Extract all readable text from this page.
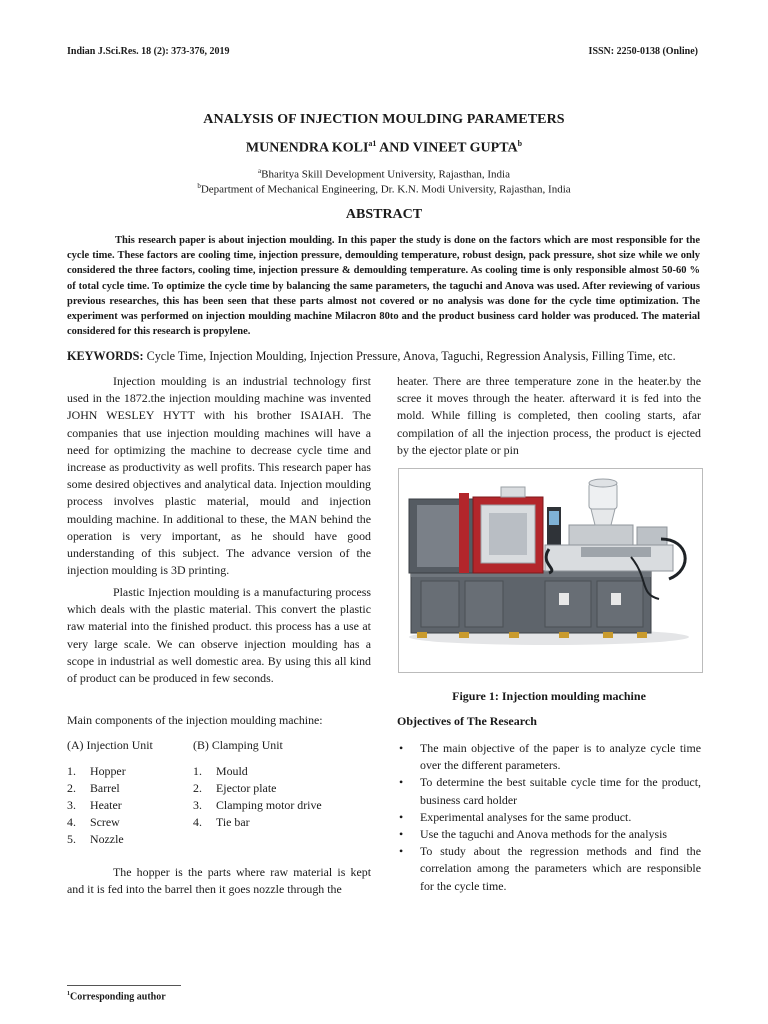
Indian J.Sci.Res. 18 (2): 373-376, 2019	ISSN: 2250-0138 (Online)
ANALYSIS OF INJECTION MOULDING PARAMETERS
MUNENDRA $KOLI^{a1}$ AND VINEET GUPTA$^b$
$^a$Bharitya Skill Development University, Rajasthan, India
$^b$Department of Mechanical Engineering, Dr. K.N. Modi University, Rajasthan, India
ABSTRACT
This research paper is about injection moulding. In this paper the study is done on the factors which are most responsible for the cycle time. These factors are cooling time, injection pressure, demoulding temperature, robust design, pack pressure, shot size while we only considered the three factors, cooling time, injection pressure & demoulding temperature. As cooling time is only responsible almost 50-60 % of total cycle time. To optimize the cycle time by balancing the same parameters, the taguchi and Anova was used. After reviewing of various previous researches, this has been seen that these parts almost not covered or no analysis was done for the cycle time optimization. The experiment was performed on injection moulding machine Milacron 80to and the product business card holder was produced. The material considered for this research is propylene.
KEYWORDS: Cycle Time, Injection Moulding, Injection Pressure, Anova, Taguchi, Regression Analysis, Filling Time, etc.
Injection moulding is an industrial technology first used in the 1872.the injection moulding machine was invented JOHN WESLEY HYTT with his brother ISAIAH. The companies that use injection moulding machines will have a need for optimizing the machine to decrease cycle time and increase as productivity as well profits. This research paper has some desired objectives and analytical data. Injection moulding process involves plastic material, mould and injection moulding machine. In additional to these, the MAN behind the operation is very important, as he should have good understanding of this subject. The advance version of the injection moulding is 3D printing.
Plastic Injection moulding is a manufacturing process which deals with the plastic material. This convert the plastic raw material into the finished product. this process has a use at very large scale. We can observe injection moulding has a scope in industrial as well domestic area. By using this all kind of product can be produced in few seconds.
Main components of the injection moulding machine:
(A) Injection Unit	(B) Clamping Unit
1. Hopper
2. Barrel
3. Heater
4. Screw
5. Nozzle
1. Mould
2. Ejector plate
3. Clamping motor drive
4. Tie bar
The hopper is the parts where raw material is kept and it is fed into the barrel then it goes nozzle through the
heater. There are three temperature zone in the heater.by the scree it moves through the heater. afterward it is fed into the mold. While filling is completed, then cooling starts, afar compilation of all the injection process, the product is ejected by the ejector plate or pin
Figure 1: Injection moulding machine
Objectives of The Research
• The main objective of the paper is to analyze cycle time over the different parameters.
• To determine the best suitable cycle time for the product, business card holder
• Experimental analyses for the same product.
• Use the taguchi and Anova methods for the analysis
• To study about the regression methods and find the correlation among the parameters which are responsible for the cycle time.
$^1$Corresponding author
